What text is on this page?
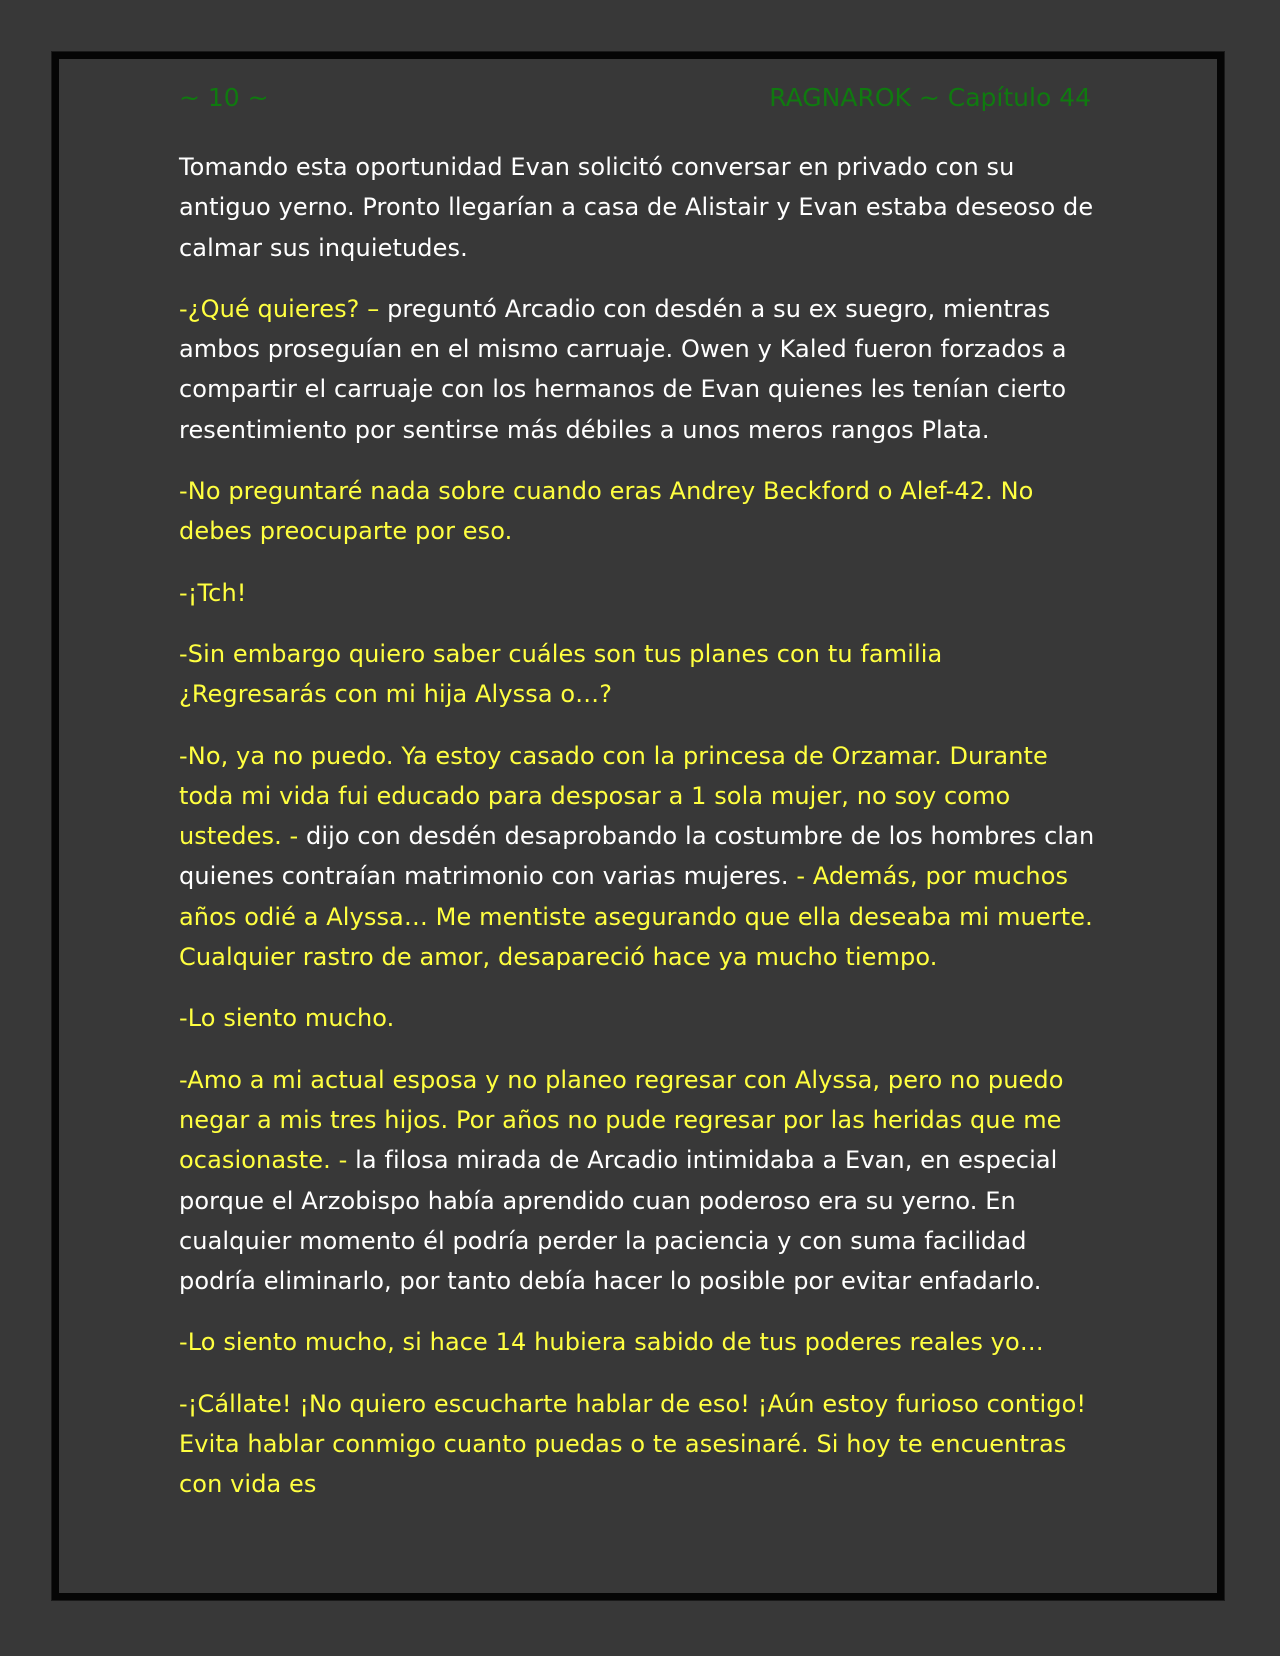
~ 10 ~	RAGNAROK ~ Capítulo 44

Tomando esta oportunidad Evan solicitó conversar en privado con su antiguo yerno. Pronto llegarían a casa de Alistair y Evan estaba deseoso de calmar sus inquietudes.

-¿Qué quieres? – preguntó Arcadio con desdén a su ex suegro, mientras ambos proseguían en el mismo carruaje. Owen y Kaled fueron forzados a compartir el carruaje con los hermanos de Evan quienes les tenían cierto resentimiento por sentirse más débiles a unos meros rangos Plata.

-No preguntaré nada sobre cuando eras Andrey Beckford o Alef-42. No debes preocuparte por eso.

-¡Tch!

-Sin embargo quiero saber cuáles son tus planes con tu familia ¿Regresarás con mi hija Alyssa o…?

-No, ya no puedo. Ya estoy casado con la princesa de Orzamar. Durante toda mi vida fui educado para desposar a 1 sola mujer, no soy como ustedes. - dijo con desdén desaprobando la costumbre de los hombres clan quienes contraían matrimonio con varias mujeres. - Además, por muchos años odié a Alyssa… Me mentiste asegurando que ella deseaba mi muerte. Cualquier rastro de amor, desapareció hace ya mucho tiempo.

-Lo siento mucho.

-Amo a mi actual esposa y no planeo regresar con Alyssa, pero no puedo negar a mis tres hijos. Por años no pude regresar por las heridas que me ocasionaste. - la filosa mirada de Arcadio intimidaba a Evan, en especial porque el Arzobispo había aprendido cuan poderoso era su yerno. En cualquier momento él podría perder la paciencia y con suma facilidad podría eliminarlo, por tanto debía hacer lo posible por evitar enfadarlo.

-Lo siento mucho, si hace 14 hubiera sabido de tus poderes reales yo…

-¡Cállate! ¡No quiero escucharte hablar de eso! ¡Aún estoy furioso contigo! Evita hablar conmigo cuanto puedas o te asesinaré. Si hoy te encuentras con vida es
